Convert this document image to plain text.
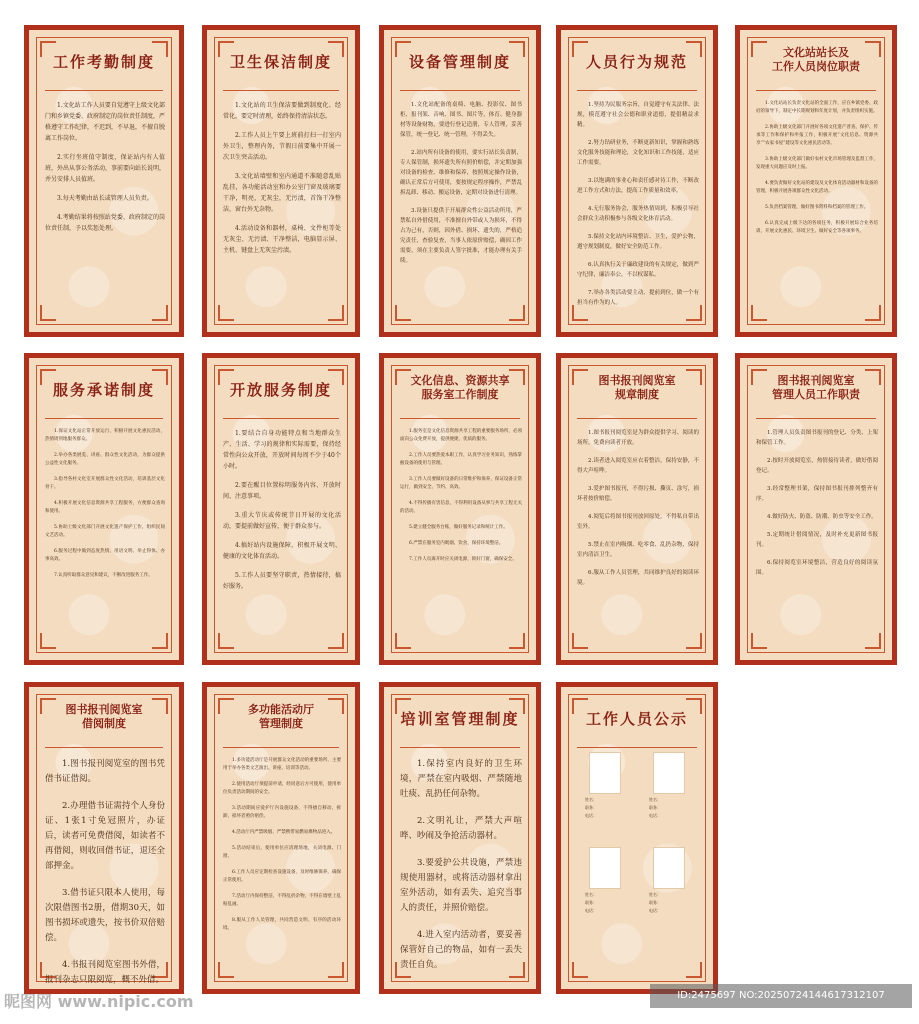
工作考勤制度

1.文化站工作人员要自觉遵守上级文化部门和乡镇党委、政府制定的岗位责任制度，严格遵守工作纪律，不迟到，不早退，不擅自脱离工作岗位。

2.实行坐班值守制度，保证站内有人值班，外出从事公务活动，事前要向站长说明，并另安排人员值班。

3.每天考勤由站长或管理人员负责。

4.考勤结果将按照站党委、政府制定的岗位责任制，予以奖惩处理。

卫生保洁制度

1.文化站的卫生保洁要做到制度化、经常化，要定时清理，始终保持清洁状态。

2.工作人员上午要上班前打扫一打室内外卫生，整理内务，节假日前要集中开展一次卫生突击活动。

3.文化站墙壁和室内通道不准随意乱贴乱挂，各功能活动室和办公室门窗及玻璃要干净，明亮，无灰尘，无污渍，首饰干净整洁，窗台外无杂物。

4.活动设备和器材，桌椅、文件柜等处无灰尘、无污渍、干净整洁，电脑显示屏、主机、键盘上无灰尘污渍。

设备管理制度

1.文化站配备的桌椅、电脑、投影仪、图书柜、报刊架、音响、图书、图片等，体育、健身器材等设备财物，要进行登记造册，专人管理，妥善保管，统一登记、统一管理，不得丢失。

2.站内所有设备的使用，要实行站长负责制，专人保管制，损坏遗失所有照价赔偿，并定期加强对设备的检查、维修和保养，按照规定操作设备，确认正常后方可使用，要按规定程序操作，严禁乱拆乱卸、移动、搬运设备，定期对设备进行清理。

3.设备只提供于开展群众性公益活动所用，严禁私自外借使用，不准擅自外带或人为损坏，不得占为己有，否则，因外借、损坏、遗失的，严格追究责任，查验复查，当事人依原价赔偿，确因工作需要，须在主要负责人签字批准，才能办理有关手续。

人员行为规范

1.坚持为民服务宗旨，自觉遵守有关法律、法规，模范遵守社会公德和职业道德，提倡精益求精。

2.努力钻研业务，不断更新知识，掌握和熟练文化服务技能和理论，文化知识和工作技能，适应工作需要。

3.以饱满的事业心和责任感对待工作，不断改进工作方式和方法，提高工作质量和效率。

4.无行服务协会，服务热情周到，积极引导社会群众主动积极参与各级文化体育活动。

5.保持文化站内环境整洁、卫生，爱护公物，遵守规划制度，做好安全防范工作。

6.认真执行关于廉政建设的有关规定，做到严守纪律，廉洁奉公，不以权谋私。

7.举办各类活动要主动、提前到位，做一个有担当有作为的人。

文化站站长及
工作人员岗位职责

1.文化站站长负责文化站的全面工作，应在乡镇党委、政府的领导下，制定中长期规划和年度计划，并负责组织实施。

2.协助上级文化部门开展好各项文化遗产普查、保护、传承等工作和保护和申报工作，积极开展“文化信息、资源共享”“农家书屋”建设等文化惠民活动等。

3.协助上级文化部门做好农村文化市场管理及监督工作，发现重大问题应及时上报。

4.要负责做好文化站的建设及文化体育活动器材和设备的管理，积极开展各项群众性文化活动。

5.负责档案管理，做好图书资料和档案的管理工作。

6.认真完成上级下达的各项任务，积极开展综合业务培训，开展文化惠民、环境卫生、做好安全等各项事务。

服务承诺制度

1.保证文化站正常开放运行，积极开展文化惠民活动，热情周到地服务群众。

2.举办各类展览、讲座、群众性文化活动，为群众提供公益性文化服务。

3.指导各村文化室开展群众性文化活动，培训基层文化骨干。

4.积极开展文化信息资源共享工程服务，方便群众查询和使用。

5.协助上级文化部门开展文化遗产保护工作，组织民间文艺活动。

6.服务过程中做到态度热情、用语文明、举止得体、办事高效。

7.认真听取群众意见和建议，不断改进服务工作。

开放服务制度

1.要结合自身功能特点和当地群众生产、生活、学习的规律和实际需要，保持经常性向公众开放，开放时间每周不少于40个小时。

2.要在醒目位置标明服务内容、开放时间、注意事项。

3.重大节庆或传统节日开展的文化活动，要提前做好宣传，便于群众参与。

4.搞好站内设施保障，积极开展文明、健康的文化体育活动。

5.工作人员要坚守职责，热情接待，搞好服务。

文化信息、资源共享
服务室工作制度

1.服务室是文化信息资源共享工程的重要服务场所，必须面向公众免费开放，提供便捷、优质的服务。

2.工作人员要热爱本职工作，认真学习业务知识，熟练掌握设备的使用与管理。

3.工作人员要做好设备的日常维护和保养，保证设备正常运行，做到安全、节约、高效。

4.不得传播有害信息，不得利用设备从事与共享工程无关的活动。

5.建立健全服务台账，做好服务记录和统计工作。

6.严禁在服务室内吸烟、饮食，保持环境整洁。

7.工作人员离开时应关闭电源，锁好门窗，确保安全。

图书报刊阅览室
规章制度

1.图书报刊阅览室是为群众提供学习、阅读的场所，免费向读者开放。

2.读者进入阅览室应衣着整洁，保持安静，不得大声喧哗。

3.爱护图书报刊，不得污损、撕页、涂写，损坏者按价赔偿。

4.阅览后将图书报刊放回原处，不得私自带出室外。

5.禁止在室内吸烟、吃零食、乱扔杂物，保持室内清洁卫生。

6.服从工作人员管理，共同维护良好的阅读环境。

图书报刊阅览室
管理人员工作职责

1.管理人员负责图书报刊的登记、分类、上架和保管工作。

2.按时开放阅览室，热情接待读者，做好借阅登记。

3.经常整理书架，保持图书报刊排列整齐有序。

4.做好防火、防盗、防潮、防虫等安全工作。

5.定期统计借阅情况，及时补充更新图书报刊。

6.保持阅览室环境整洁，营造良好的阅读氛围。

图书报刊阅览室
借阅制度

1.图书报刊阅览室的图书凭借书证借阅。

2.办理借书证需持个人身份证、1张1寸免冠照片，办证后，读者可免费借阅，如读者不再借阅，则收回借书证，退还全部押金。

3.借书证只限本人使用，每次限借图书2册，借期30天，如图书损坏或遗失，按书价双倍赔偿。

4.书报刊阅览室图书外借，报刊杂志只限阅览，概不外借。

多功能活动厅
管理制度

1.多功能活动厅是开展群众文化活动的重要场所，主要用于举办各类文艺演出、讲座、培训等活动。

2.使用活动厅须提前申请，经同意后方可使用，使用单位负责活动期间的安全。

3.活动期间应爱护厅内设施设备，不得擅自移动、拆卸，损坏者照价赔偿。

4.活动厅内严禁吸烟、严禁携带易燃易爆物品进入。

5.活动结束后，使用单位应清理场地，关闭电源、门窗。

6.工作人员应定期检查设施设备，及时维修保养，确保正常使用。

7.活动厅内保持整洁，不得乱扔杂物，不得在墙壁上乱贴乱画。

8.服从工作人员管理，共同营造文明、有序的活动环境。

培训室管理制度

1.保持室内良好的卫生环境，严禁在室内吸烟、严禁随地吐痰、乱扔任何杂物。

2.文明礼让，严禁大声喧哗、吵闹及争抢活动器材。

3.要爱护公共设施，严禁违规使用器材，或将活动器材拿出室外活动，如有丢失、追究当事人的责任，并照价赔偿。

4.进入室内活动者，要妥善保管好自己的物品，如有一丢失责任自负。

工作人员公示
姓名：
职务：
电话：
姓名：
职务：
电话：
姓名：
职务：
电话：
姓名：
职务：
电话：
昵图网 www.nipic.com	ID:2475697 NO:20250724144617312107
